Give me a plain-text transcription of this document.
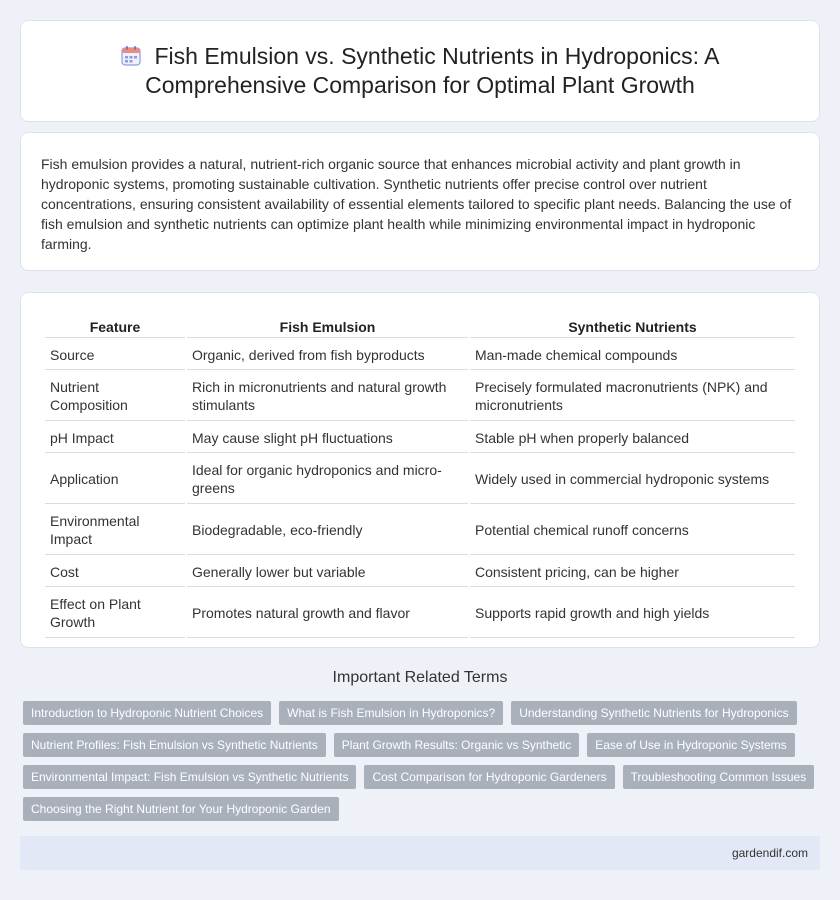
Fish Emulsion vs. Synthetic Nutrients in Hydroponics: A Comprehensive Comparison for Optimal Plant Growth

Fish emulsion provides a natural, nutrient-rich organic source that enhances microbial activity and plant growth in hydroponic systems, promoting sustainable cultivation. Synthetic nutrients offer precise control over nutrient concentrations, ensuring consistent availability of essential elements tailored to specific plant needs. Balancing the use of fish emulsion and synthetic nutrients can optimize plant health while minimizing environmental impact in hydroponic farming.

Feature	Fish Emulsion	Synthetic Nutrients
Source	Organic, derived from fish byproducts	Man-made chemical compounds
Nutrient Composition	Rich in micronutrients and natural growth stimulants	Precisely formulated macronutrients (NPK) and micronutrients
pH Impact	May cause slight pH fluctuations	Stable pH when properly balanced
Application	Ideal for organic hydroponics and micro-greens	Widely used in commercial hydroponic systems
Environmental Impact	Biodegradable, eco-friendly	Potential chemical runoff concerns
Cost	Generally lower but variable	Consistent pricing, can be higher
Effect on Plant Growth	Promotes natural growth and flavor	Supports rapid growth and high yields
Important Related Terms
Introduction to Hydroponic Nutrient Choices	What is Fish Emulsion in Hydroponics?	Understanding Synthetic Nutrients for Hydroponics
Nutrient Profiles: Fish Emulsion vs Synthetic Nutrients	Plant Growth Results: Organic vs Synthetic	Ease of Use in Hydroponic Systems
Environmental Impact: Fish Emulsion vs Synthetic Nutrients	Cost Comparison for Hydroponic Gardeners	Troubleshooting Common Issues
Choosing the Right Nutrient for Your Hydroponic Garden
gardendif.com
